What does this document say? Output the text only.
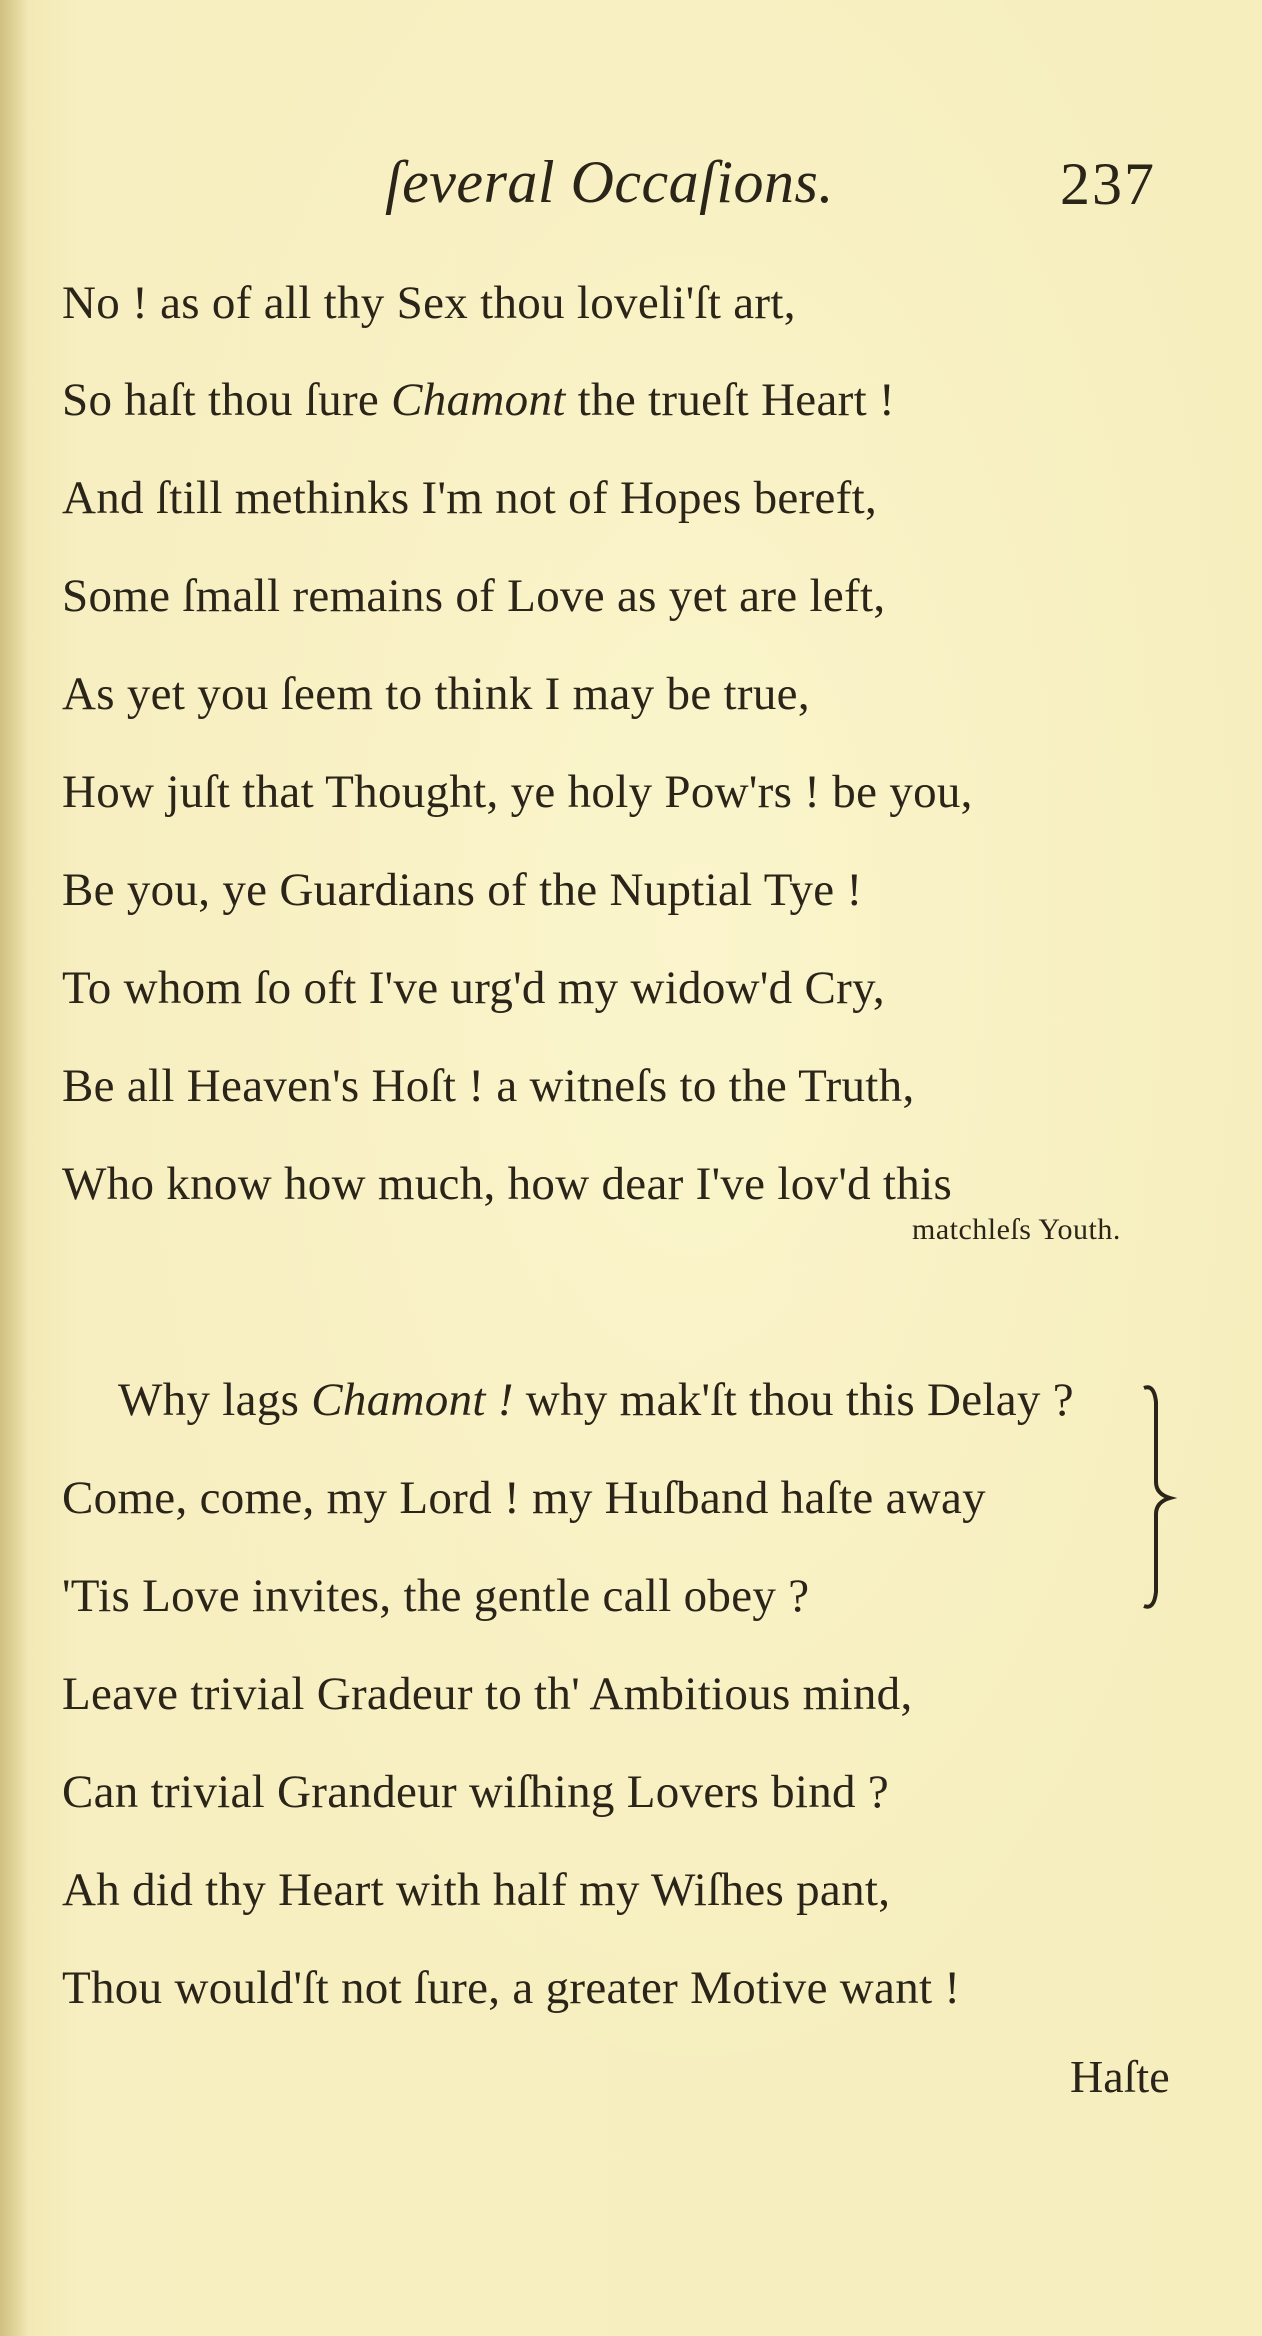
ſeveral Occaſions.	237
No ! as of all thy Sex thou loveli'ſt art,
So haſt thou ſure Chamont the trueſt Heart !
And ſtill methinks I'm not of Hopes bereft,
Some ſmall remains of Love as yet are left,
As yet you ſeem to think I may be true,
How juſt that Thought, ye holy Pow'rs ! be you,
Be you, ye Guardians of the Nuptial Tye !
To whom ſo oft I've urg'd my widow'd Cry,
Be all Heaven's Hoſt ! a witneſs to the Truth,
Who know how much, how dear I've lov'd this
matchleſs Youth.
Why lags Chamont ! why mak'ſt thou this Delay ?
Come, come, my Lord ! my Huſband haſte away
'Tis Love invites, the gentle call obey ?
Leave trivial Gradeur to th' Ambitious mind,
Can trivial Grandeur wiſhing Lovers bind ?
Ah did thy Heart with half my Wiſhes pant,
Thou would'ſt not ſure, a greater Motive want !
Haſte
